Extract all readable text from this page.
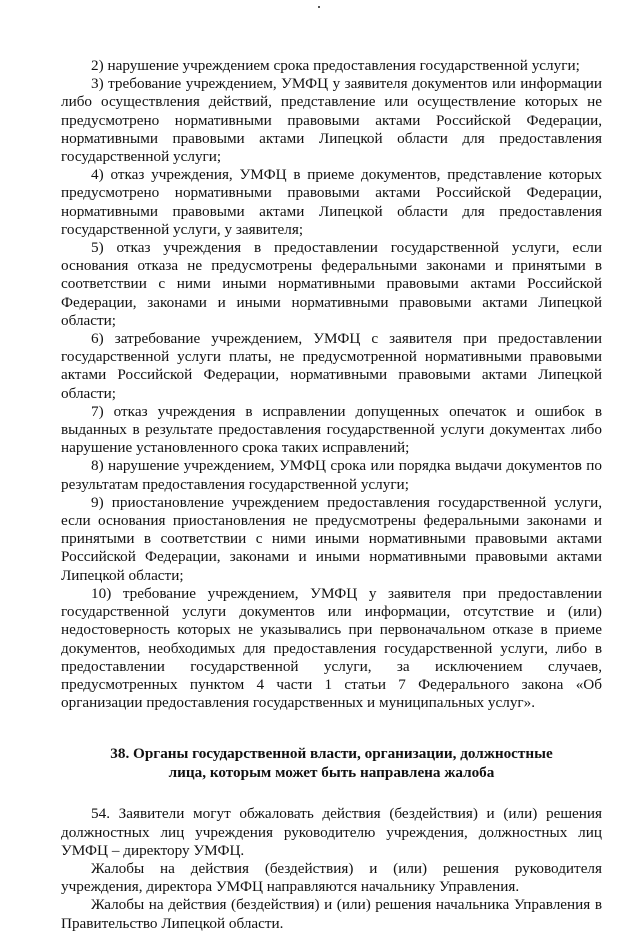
2) нарушение учреждением срока предоставления государственной услуги;

3) требование учреждением, УМФЦ у заявителя документов или информации либо осуществления действий, представление или осуществление которых не предусмотрено нормативными правовыми актами Российской Федерации, нормативными правовыми актами Липецкой области для предоставления государственной услуги;

4) отказ учреждения, УМФЦ в приеме документов, представление которых предусмотрено нормативными правовыми актами Российской Федерации, нормативными правовыми актами Липецкой области для предоставления государственной услуги, у заявителя;

5) отказ учреждения в предоставлении государственной услуги, если основания отказа не предусмотрены федеральными законами и принятыми в соответствии с ними иными нормативными правовыми актами Российской Федерации, законами и иными нормативными правовыми актами Липецкой области;

6) затребование учреждением, УМФЦ с заявителя при предоставлении государственной услуги платы, не предусмотренной нормативными правовыми актами Российской Федерации, нормативными правовыми актами Липецкой области;

7) отказ учреждения в исправлении допущенных опечаток и ошибок в выданных в результате предоставления государственной услуги документах либо нарушение установленного срока таких исправлений;

8) нарушение учреждением, УМФЦ срока или порядка выдачи документов по результатам предоставления государственной услуги;

9) приостановление учреждением предоставления государственной услуги, если основания приостановления не предусмотрены федеральными законами и принятыми в соответствии с ними иными нормативными правовыми актами Российской Федерации, законами и иными нормативными правовыми актами Липецкой области;

10) требование учреждением, УМФЦ у заявителя при предоставлении государственной услуги документов или информации, отсутствие и (или) недостоверность которых не указывались при первоначальном отказе в приеме документов, необходимых для предоставления государственной услуги, либо в предоставлении государственной услуги, за исключением случаев, предусмотренных пунктом 4 части 1 статьи 7 Федерального закона «Об организации предоставления государственных и муниципальных услуг».

38. Органы государственной власти, организации, должностные
лица, которым может быть направлена жалоба

54. Заявители могут обжаловать действия (бездействия) и (или) решения должностных лиц учреждения руководителю учреждения, должностных лиц УМФЦ – директору УМФЦ.

Жалобы на действия (бездействия) и (или) решения руководителя учреждения, директора УМФЦ направляются начальнику Управления.

Жалобы на действия (бездействия) и (или) решения начальника Управления в Правительство Липецкой области.
